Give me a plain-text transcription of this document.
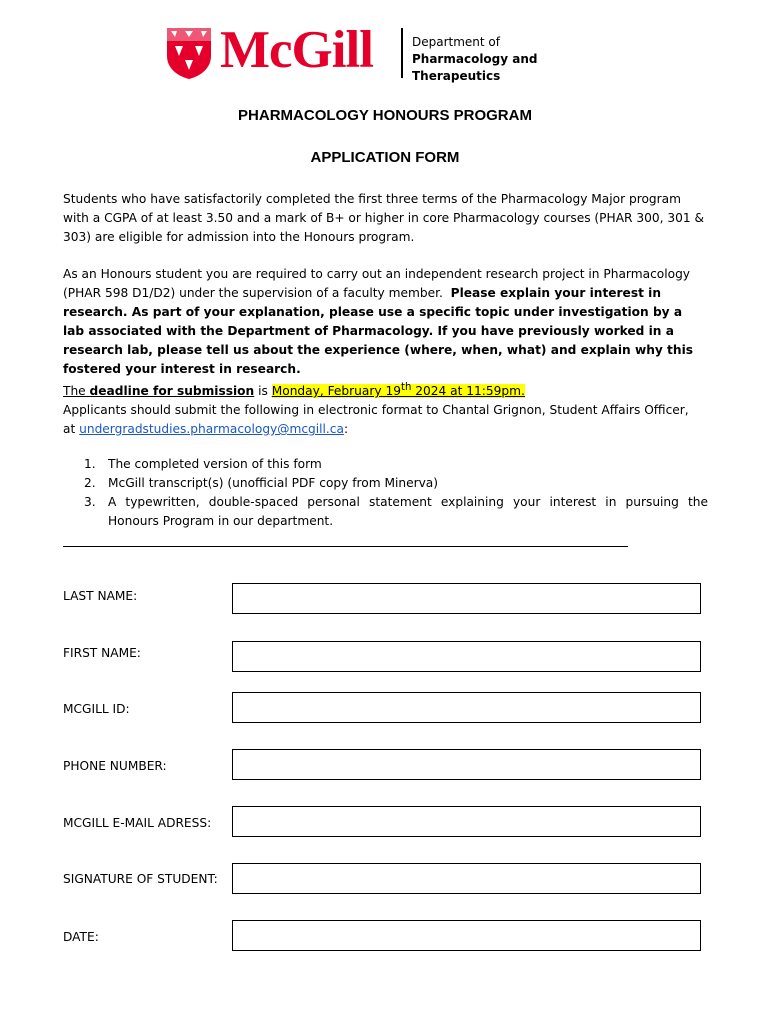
McGill	Department of
Pharmacology and Therapeutics
PHARMACOLOGY HONOURS PROGRAM
APPLICATION FORM
Students who have satisfactorily completed the first three terms of the Pharmacology Major program with a CGPA of at least 3.50 and a mark of B+ or higher in core Pharmacology courses (PHAR 300, 301 & 303) are eligible for admission into the Honours program.
As an Honours student you are required to carry out an independent research project in Pharmacology (PHAR 598 D1/D2) under the supervision of a faculty member. Please explain your interest in research. As part of your explanation, please use a specific topic under investigation by a lab associated with the Department of Pharmacology. If you have previously worked in a research lab, please tell us about the experience (where, when, what) and explain why this fostered your interest in research.
The deadline for submission is Monday, February 19th 2024 at 11:59pm.
Applicants should submit the following in electronic format to Chantal Grignon, Student Affairs Officer,
at undergradstudies.pharmacology@mcgill.ca:
1. The completed version of this form
2. McGill transcript(s) (unofficial PDF copy from Minerva)
3. A typewritten, double-spaced personal statement explaining your interest in pursuing the Honours Program in our department.
LAST NAME:
FIRST NAME:
MCGILL ID:
PHONE NUMBER:
MCGILL E-MAIL ADRESS:
SIGNATURE OF STUDENT:
DATE:
